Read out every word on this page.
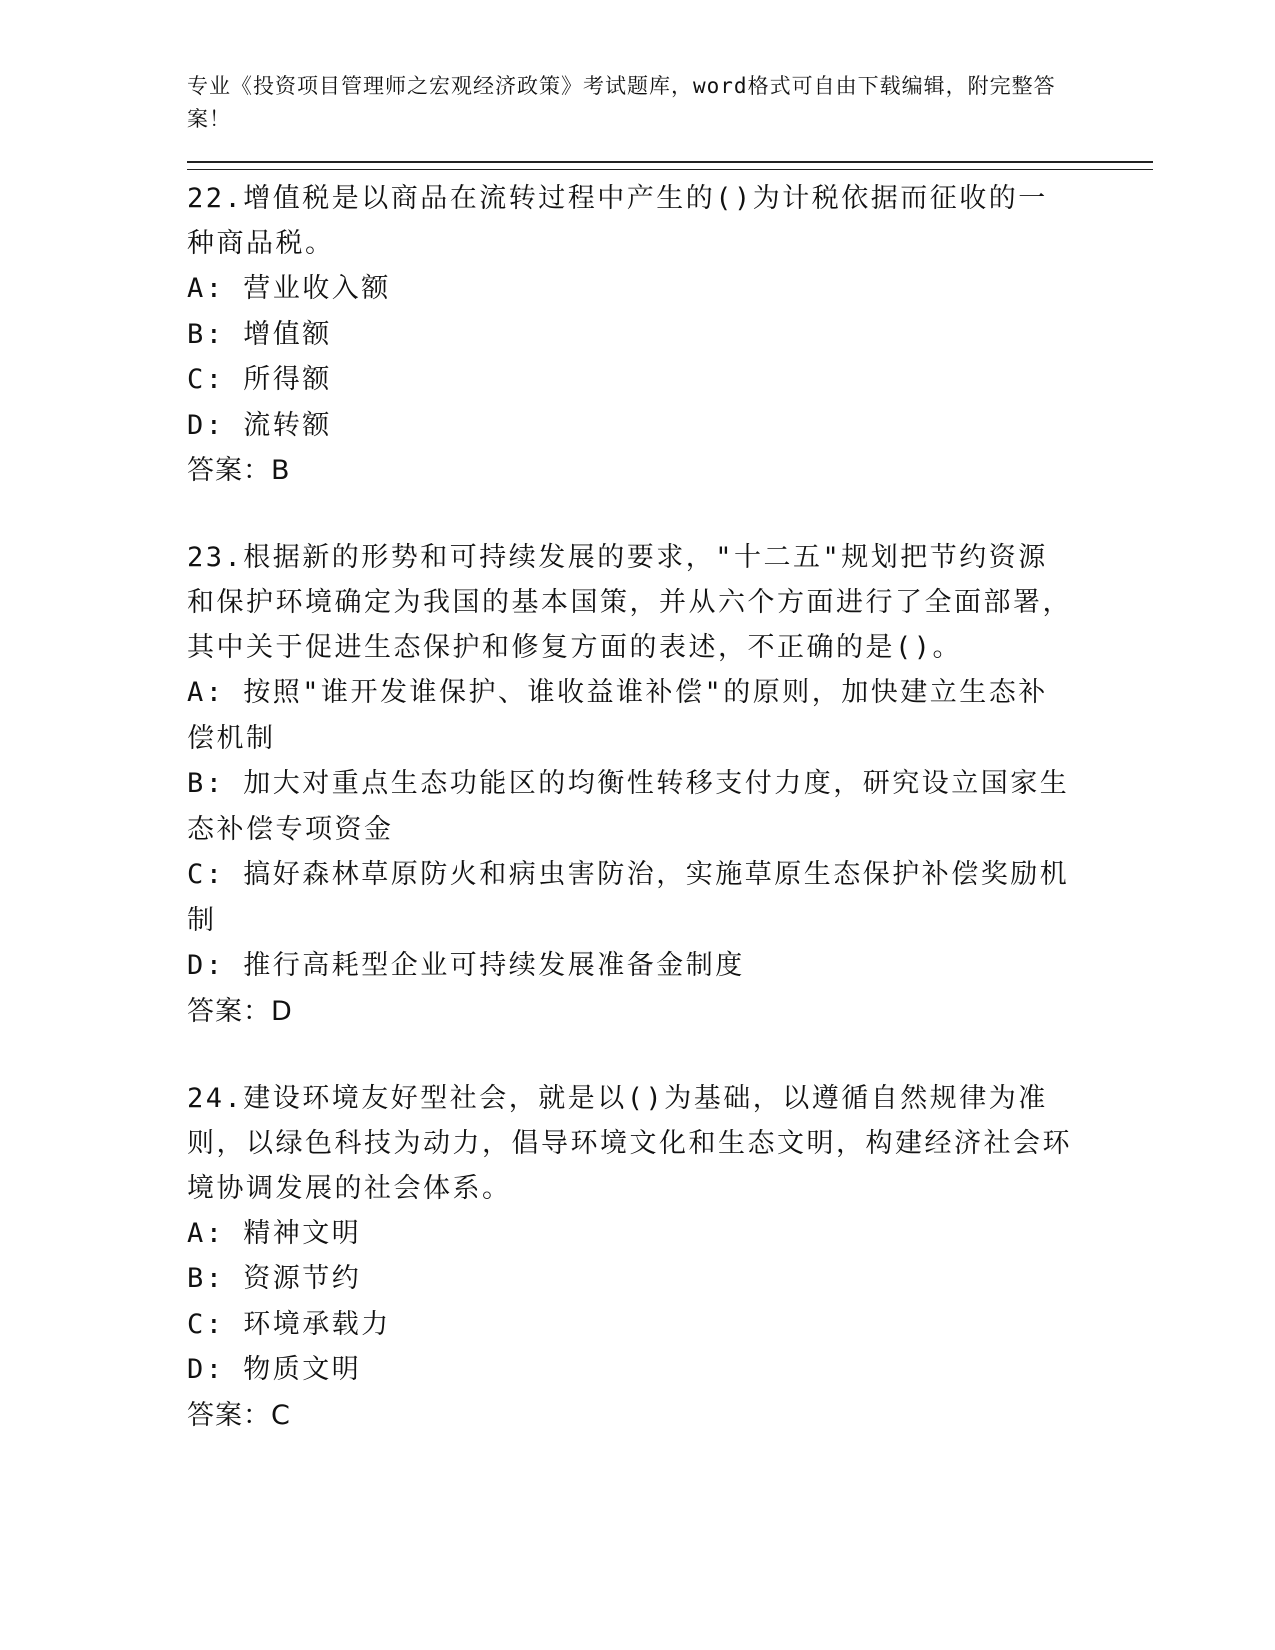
专业《投资项目管理师之宏观经济政策》考试题库，word格式可自由下载编辑，附完整答案！
22.增值税是以商品在流转过程中产生的()为计税依据而征收的一种商品税。
A: 营业收入额
B: 增值额
C: 所得额
D: 流转额
答案：B
23.根据新的形势和可持续发展的要求，"十二五"规划把节约资源和保护环境确定为我国的基本国策，并从六个方面进行了全面部署，其中关于促进生态保护和修复方面的表述，不正确的是()。
A: 按照"谁开发谁保护、谁收益谁补偿"的原则，加快建立生态补偿机制
B: 加大对重点生态功能区的均衡性转移支付力度，研究设立国家生态补偿专项资金
C: 搞好森林草原防火和病虫害防治，实施草原生态保护补偿奖励机制
D: 推行高耗型企业可持续发展准备金制度
答案：D
24.建设环境友好型社会，就是以()为基础，以遵循自然规律为准则，以绿色科技为动力，倡导环境文化和生态文明，构建经济社会环境协调发展的社会体系。
A: 精神文明
B: 资源节约
C: 环境承载力
D: 物质文明
答案：C
